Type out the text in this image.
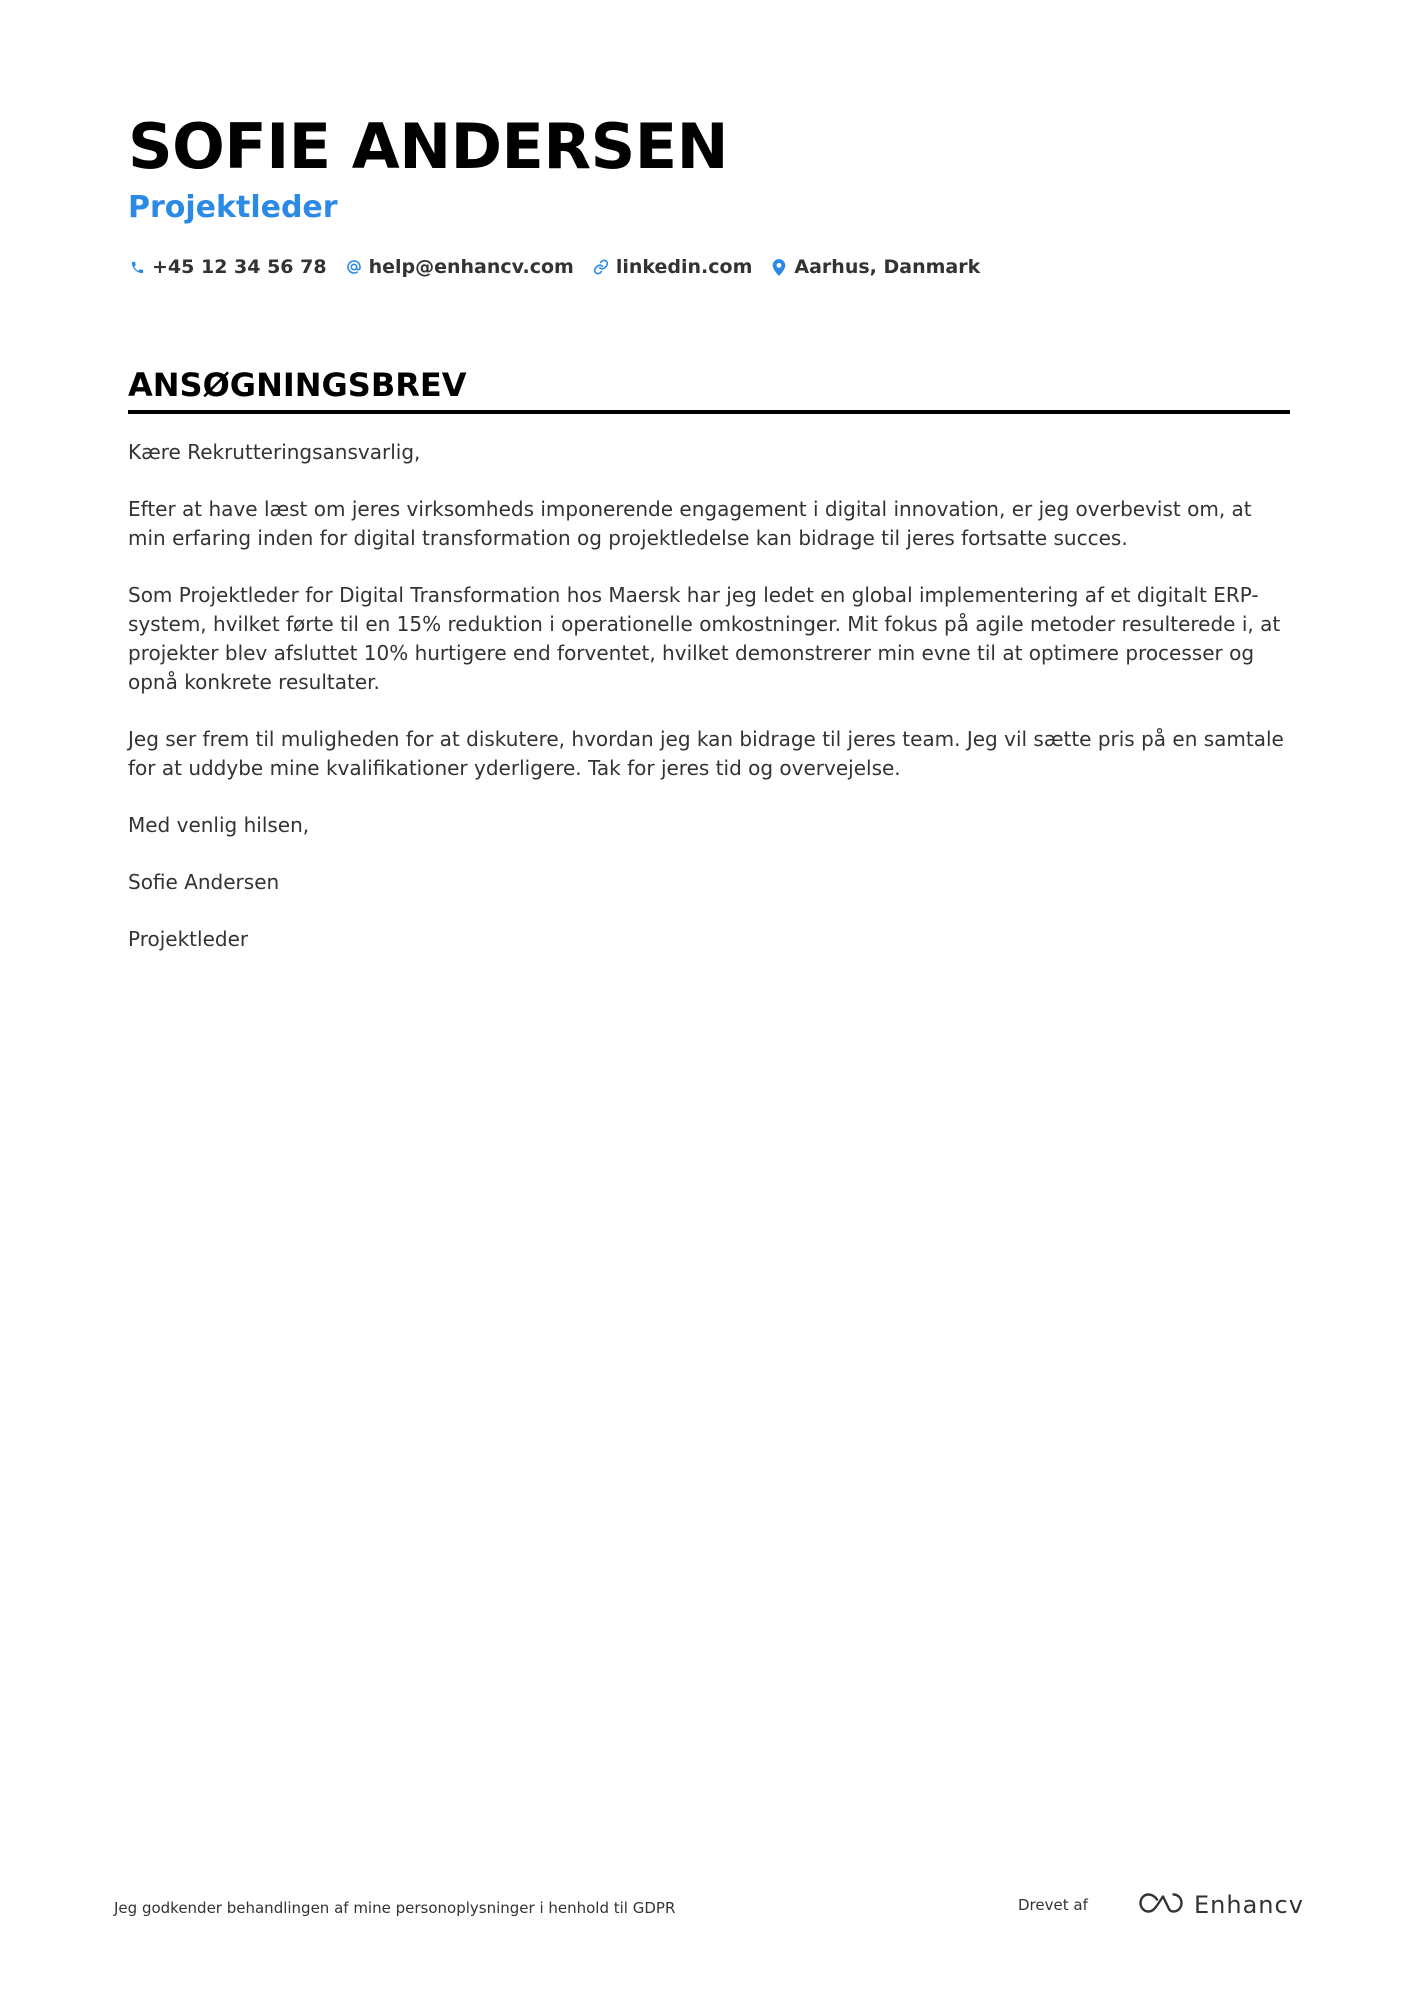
SOFIE ANDERSEN
Projektleder
+45 12 34 56 78 help@enhancv.com linkedin.com Aarhus, Danmark
ANSØGNINGSBREV

Kære Rekrutteringsansvarlig,

Efter at have læst om jeres virksomheds imponerende engagement i digital innovation, er jeg overbevist om, at min erfaring inden for digital transformation og projektledelse kan bidrage til jeres fortsatte succes.

Som Projektleder for Digital Transformation hos Maersk har jeg ledet en global implementering af et digitalt ERP-system, hvilket førte til en 15% reduktion i operationelle omkostninger. Mit fokus på agile metoder resulterede i, at projekter blev afsluttet 10% hurtigere end forventet, hvilket demonstrerer min evne til at optimere processer og opnå konkrete resultater.

Jeg ser frem til muligheden for at diskutere, hvordan jeg kan bidrage til jeres team. Jeg vil sætte pris på en samtale for at uddybe mine kvalifikationer yderligere. Tak for jeres tid og overvejelse.

Med venlig hilsen,

Sofie Andersen

Projektleder

Jeg godkender behandlingen af mine personoplysninger i henhold til GDPR	Drevet af	Enhancv
